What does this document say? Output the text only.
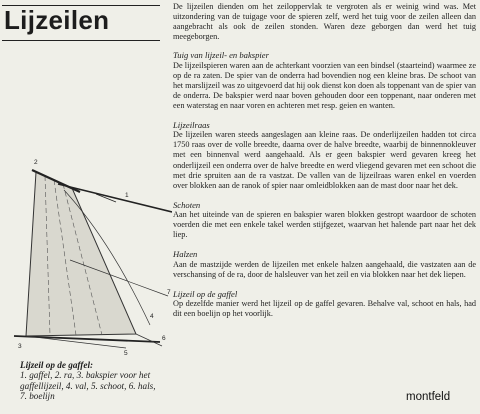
Lijzeilen
2
1
7
4
6
3
5
Lijzeil op de gaffel:
1. gaffel, 2. ra, 3. bakspier voor het gaffellijzeil, 4. val, 5. schoot, 6. hals, 7. boelijn

De lijzeilen dienden om het zeiloppervlak te vergroten als er weinig wind was. Met uitzondering van de tuigage voor de spieren zelf, werd het tuig voor de zeilen alleen dan aangebracht als ook de zeilen stonden. Waren deze geborgen dan werd het tuig meegeborgen.

Tuig van lijzeil- en bakspier

De lijzeilspieren waren aan de achterkant voorzien van een bindsel (staarteind) waarmee ze op de ra zaten. De spier van de onderra had bovendien nog een kleine bras. De schoot van het marslijzeil was zo uitgevoerd dat hij ook dienst kon doen als toppenant van de spier van de onderra. De bakspier werd naar boven gehouden door een toppenant, naar onderen met een waterstag en naar voren en achteren met resp. geien en wanten.

Lijzeilraas

De lijzeilen waren steeds aangeslagen aan kleine raas. De onderlijzeilen hadden tot circa 1750 raas over de volle breedte, daarna over de halve breedte, waarbij de binnennokleuver met een binnenval werd aangehaald. Als er geen bakspier werd gevaren kreeg het onderlijzeil een onderra over de halve breedte en werd vliegend gevaren met een schoot die met drie spruiten aan de ra vastzat. De vallen van de lijzeilraas waren enkel en voerden over blokken aan de ranok of spier naar omleidblokken aan de mast door naar het dek.

Schoten

Aan het uiteinde van de spieren en bakspier waren blokken gestropt waardoor de schoten voerden die met een enkele takel werden stijfgezet, waarvan het halende part naar het dek liep.

Halzen

Aan de mastzijde werden de lijzeilen met enkele halzen aangehaald, die vastzaten aan de verschansing of de ra, door de halsleuver van het zeil en via blokken naar het dek liepen.

Lijzeil op de gaffel

Op dezelfde manier werd het lijzeil op de gaffel gevaren. Behalve val, schoot en hals, had dit een boelijn op het voorlijk.

montfeld
